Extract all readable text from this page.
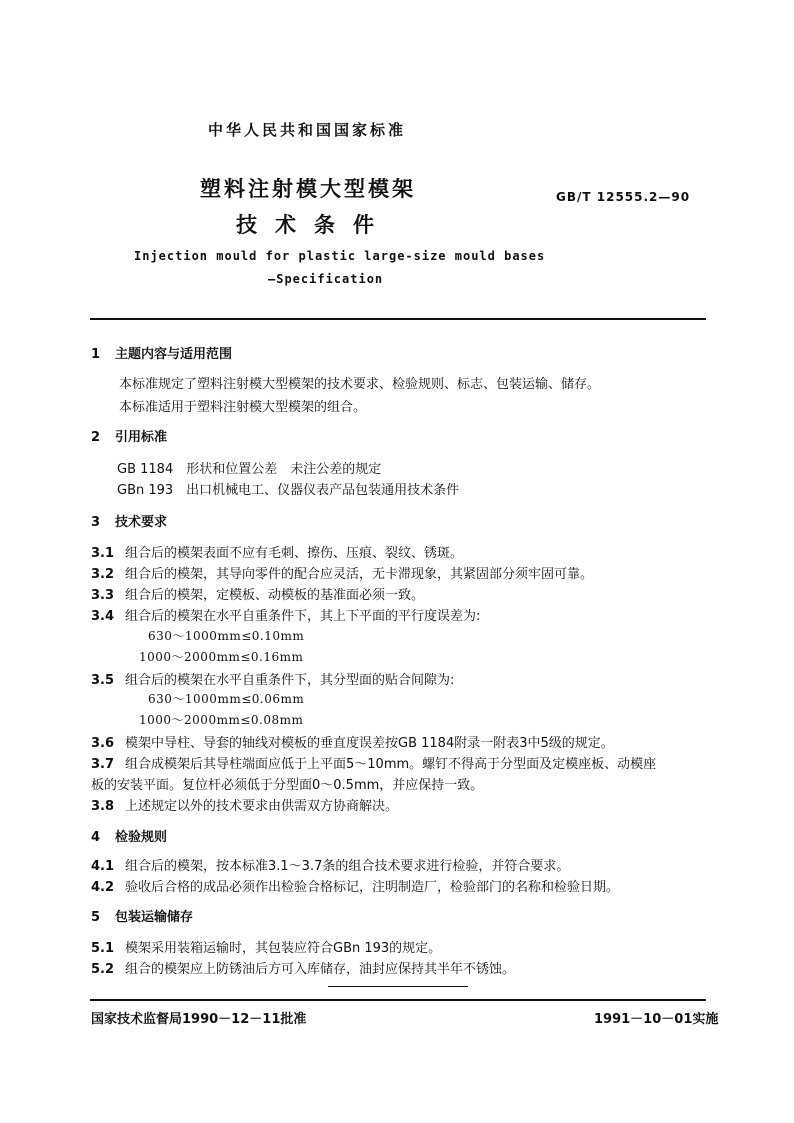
中华人民共和国国家标准
塑料注射模大型模架
技术条件
GB/T 12555.2—90
Injection mould for plastic large-size mould bases
—Specification
1 主题内容与适用范围
本标准规定了塑料注射模大型模架的技术要求、检验规则、标志、包装运输、储存。
本标准适用于塑料注射模大型模架的组合。
2 引用标准
GB 1184　形状和位置公差　未注公差的规定
GBn 193　出口机械电工、仪器仪表产品包装通用技术条件
3 技术要求
3.1 组合后的模架表面不应有毛刺、擦伤、压痕、裂纹、锈斑。
3.2 组合后的模架，其导向零件的配合应灵活，无卡滞现象，其紧固部分须牢固可靠。
3.3 组合后的模架，定模板、动模板的基准面必须一致。
3.4 组合后的模架在水平自重条件下，其上下平面的平行度误差为:
630～1000mm≤0.10mm
1000～2000mm≤0.16mm
3.5 组合后的模架在水平自重条件下，其分型面的贴合间隙为:
630～1000mm≤0.06mm
1000～2000mm≤0.08mm
3.6 模架中导柱、导套的轴线对模板的垂直度误差按GB 1184附录一附表3中5级的规定。
3.7 组合成模架后其导柱端面应低于上平面5～10mm。螺钉不得高于分型面及定模座板、动模座
板的安装平面。复位杆必须低于分型面0～0.5mm，并应保持一致。
3.8 上述规定以外的技术要求由供需双方协商解决。
4 检验规则
4.1 组合后的模架，按本标准3.1～3.7条的组合技术要求进行检验，并符合要求。
4.2 验收后合格的成品必须作出检验合格标记，注明制造厂，检验部门的名称和检验日期。
5 包装运输储存
5.1 模架采用装箱运输时，其包装应符合GBn 193的规定。
5.2 组合的模架应上防锈油后方可入库储存，油封应保持其半年不锈蚀。
国家技术监督局1990－12－11批准	1991－10－01实施
